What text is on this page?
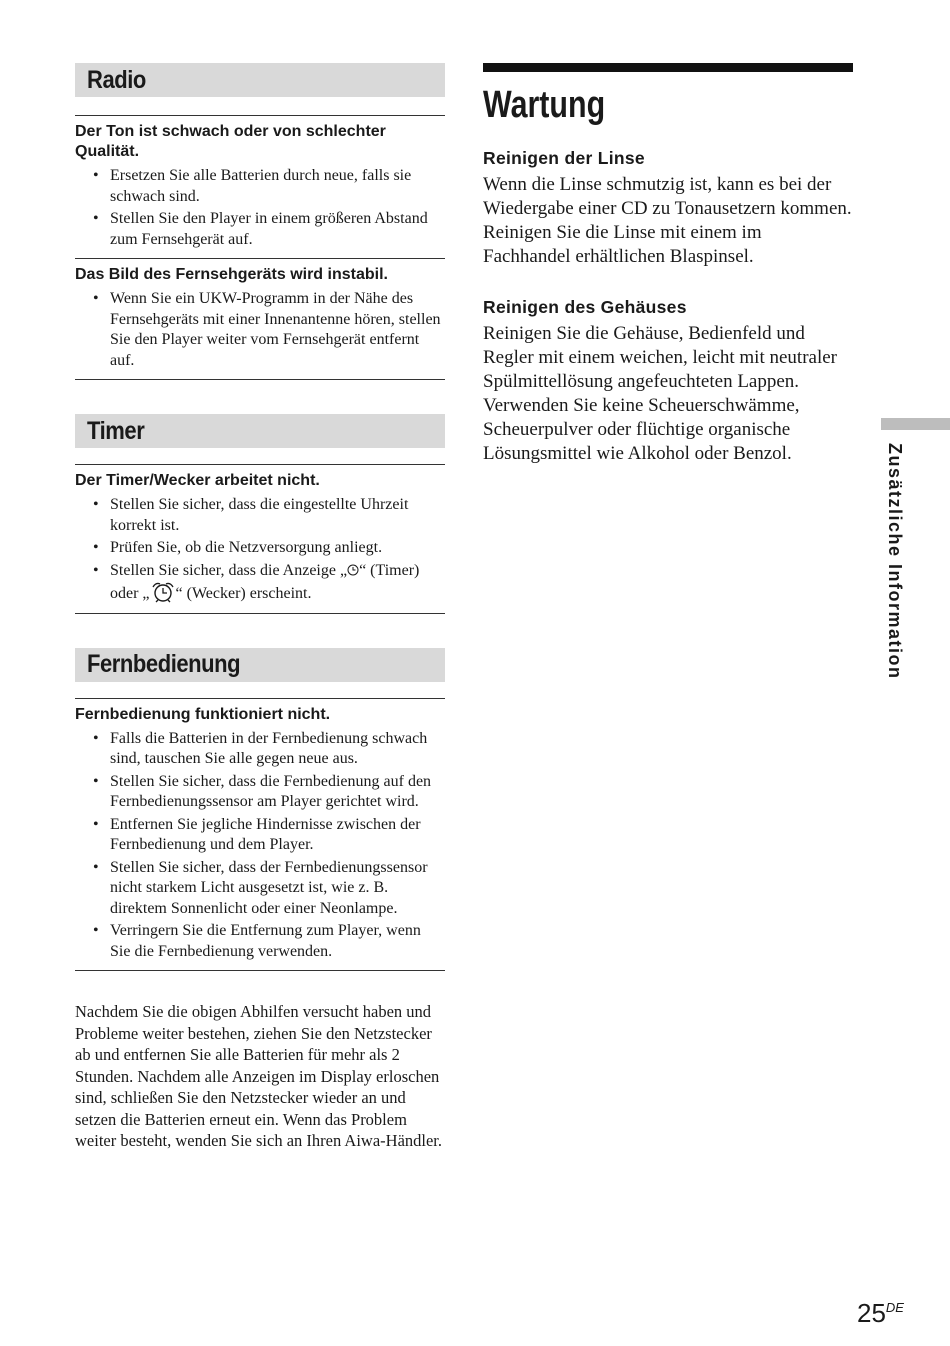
Radio

Der Ton ist schwach oder von schlechter Qualität.

• Ersetzen Sie alle Batterien durch neue, falls sie schwach sind.
• Stellen Sie den Player in einem größeren Abstand zum Fernsehgerät auf.

Das Bild des Fernsehgeräts wird instabil.

• Wenn Sie ein UKW-Programm in der Nähe des Fernsehgeräts mit einer Innenantenne hören, stellen Sie den Player weiter vom Fernsehgerät entfernt auf.
Timer

Der Timer/Wecker arbeitet nicht.

• Stellen Sie sicher, dass die eingestellte Uhrzeit korrekt ist.
• Prüfen Sie, ob die Netzversorgung anliegt.
• Stellen Sie sicher, dass die Anzeige „ “ (Timer) oder „ “ (Wecker) erscheint.
Fernbedienung

Fernbedienung funktioniert nicht.

• Falls die Batterien in der Fernbedienung schwach sind, tauschen Sie alle gegen neue aus.
• Stellen Sie sicher, dass die Fernbedienung auf den Fernbedienungssensor am Player gerichtet wird.
• Entfernen Sie jegliche Hindernisse zwischen der Fernbedienung und dem Player.
• Stellen Sie sicher, dass der Fernbedienungssensor nicht starkem Licht ausgesetzt ist, wie z. B. direktem Sonnenlicht oder einer Neonlampe.
• Verringern Sie die Entfernung zum Player, wenn Sie die Fernbedienung verwenden.

Nachdem Sie die obigen Abhilfen versucht haben und Probleme weiter bestehen, ziehen Sie den Netzstecker ab und entfernen Sie alle Batterien für mehr als 2 Stunden. Nachdem alle Anzeigen im Display erloschen sind, schließen Sie den Netzstecker wieder an und setzen die Batterien erneut ein. Wenn das Problem weiter besteht, wenden Sie sich an Ihren Aiwa-Händler.

Wartung
Reinigen der Linse

Wenn die Linse schmutzig ist, kann es bei der Wiedergabe einer CD zu Tonausetzern kommen. Reinigen Sie die Linse mit einem im Fachhandel erhältlichen Blaspinsel.

Reinigen des Gehäuses

Reinigen Sie die Gehäuse, Bedienfeld und Regler mit einem weichen, leicht mit neutraler Spülmittellösung angefeuchteten Lappen. Verwenden Sie keine Scheuerschwämme, Scheuerpulver oder flüchtige organische Lösungsmittel wie Alkohol oder Benzol.	Zusätzliche Information
25DE
